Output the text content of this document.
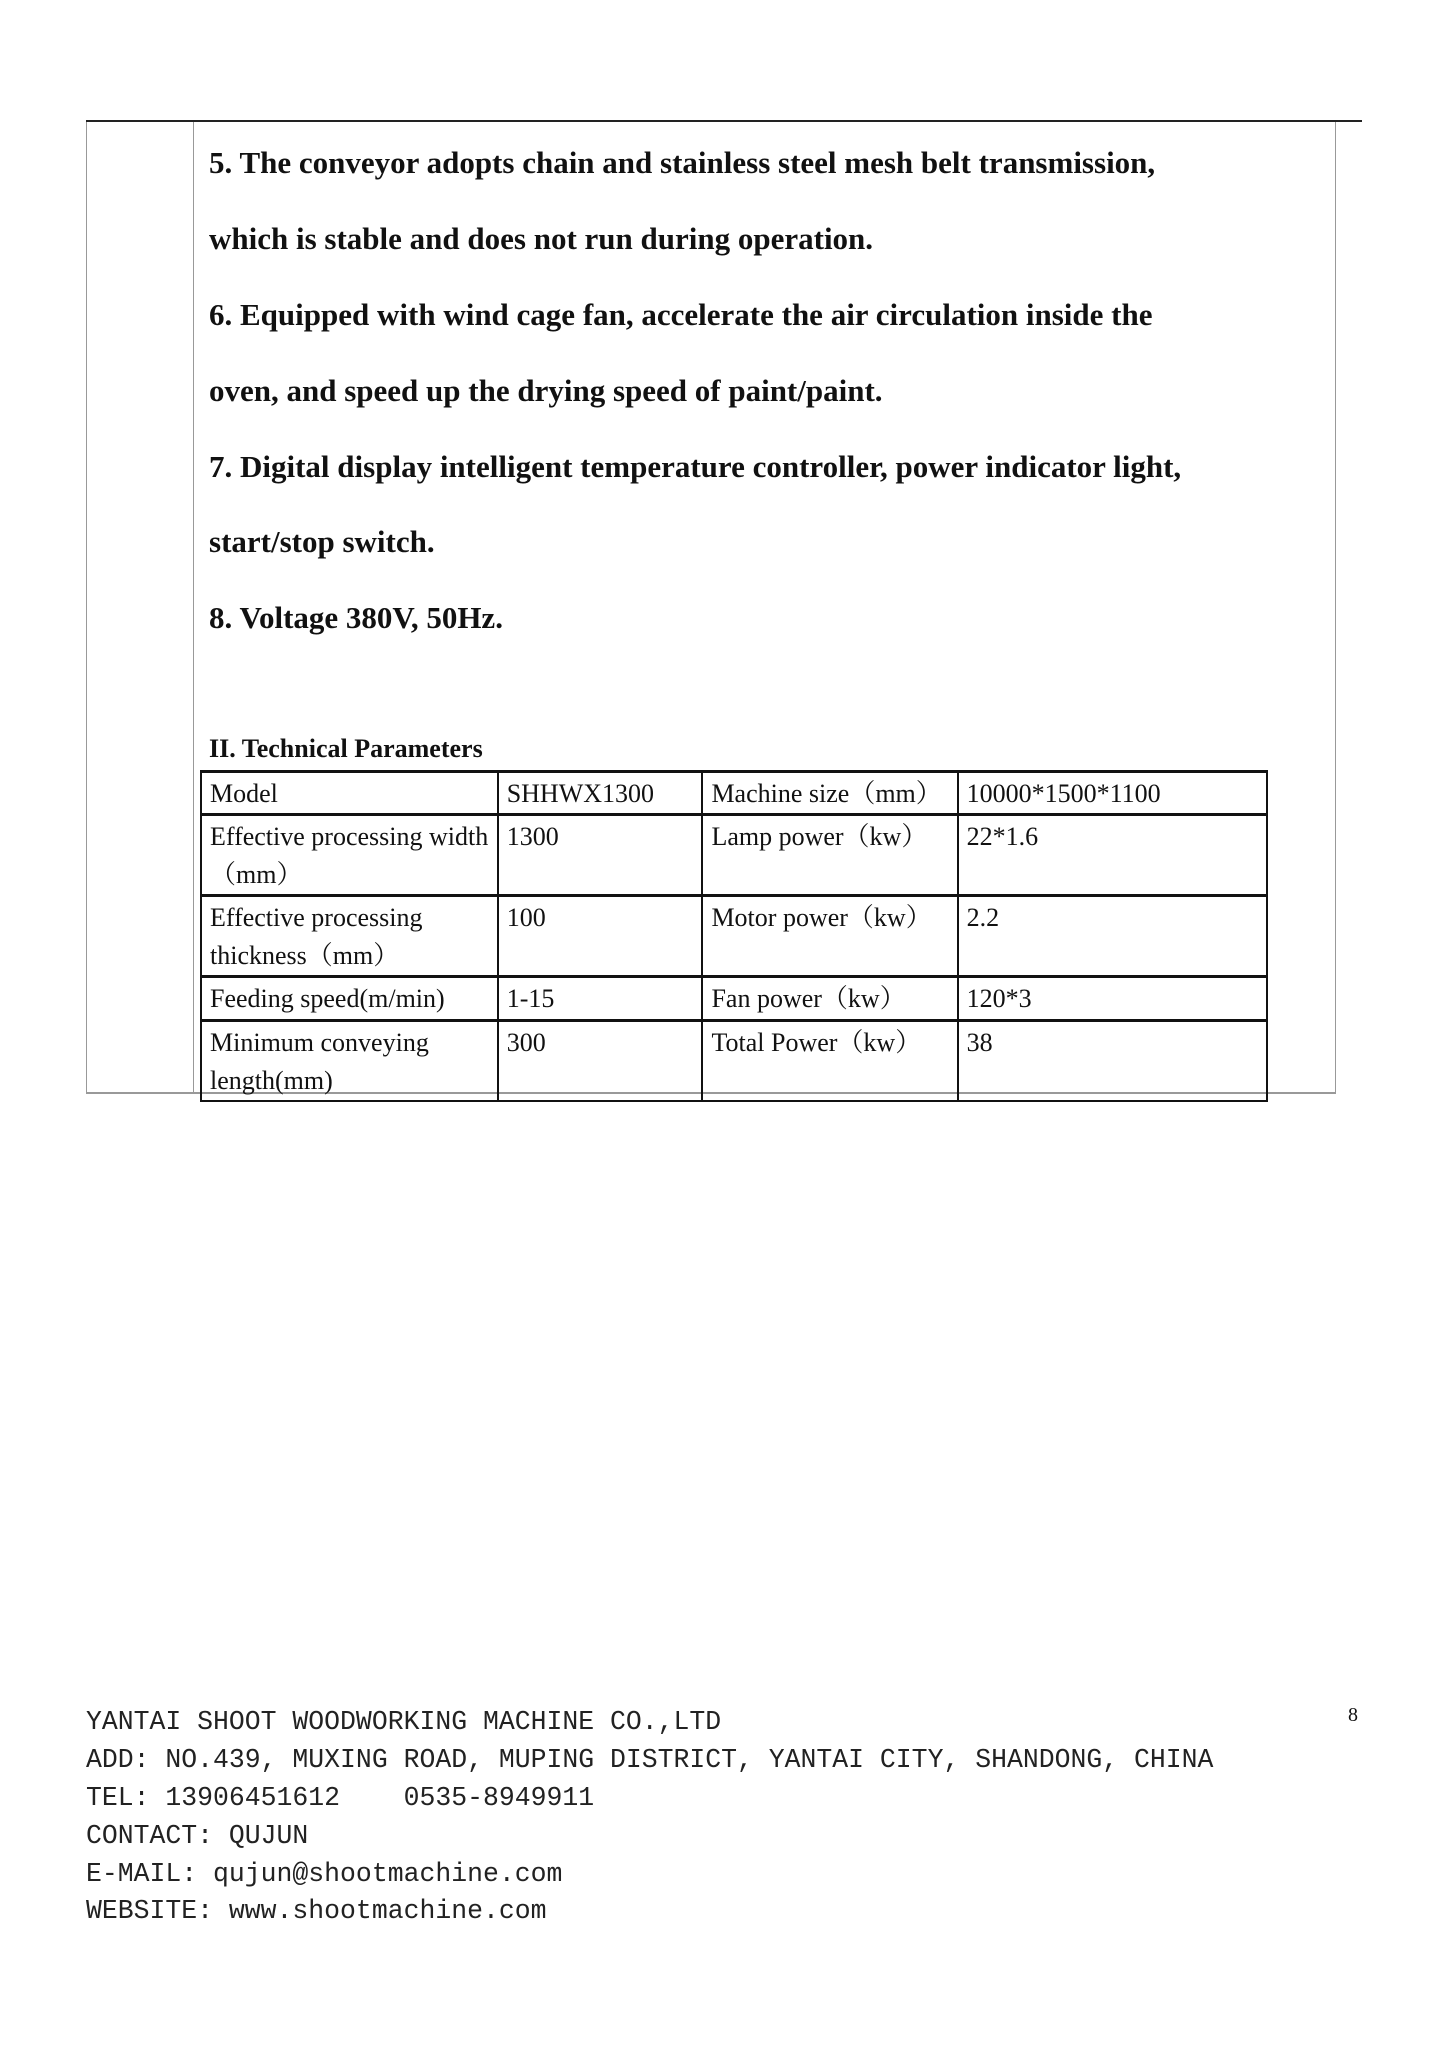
5. The conveyor adopts chain and stainless steel mesh belt transmission,
which is stable and does not run during operation.
6. Equipped with wind cage fan, accelerate the air circulation inside the
oven, and speed up the drying speed of paint/paint.
7. Digital display intelligent temperature controller, power indicator light,
start/stop switch.
8. Voltage 380V, 50Hz.
II. Technical Parameters
Model	SHHWX1300	Machine size（mm）	10000*1500*1100
Effective processing width（mm）	1300	Lamp power（kw）	22*1.6
Effective processing thickness（mm）	100	Motor power（kw）	2.2
Feeding speed(m/min)	1-15	Fan power（kw）	120*3
Minimum conveying length(mm)	300	Total Power（kw）	38
YANTAI SHOOT WOODWORKING MACHINE CO.,LTD
ADD: NO.439, MUXING ROAD, MUPING DISTRICT, YANTAI CITY, SHANDONG, CHINA
TEL: 13906451612    0535-8949911
CONTACT: QUJUN
E-MAIL: qujun@shootmachine.com
WEBSITE: www.shootmachine.com
8
